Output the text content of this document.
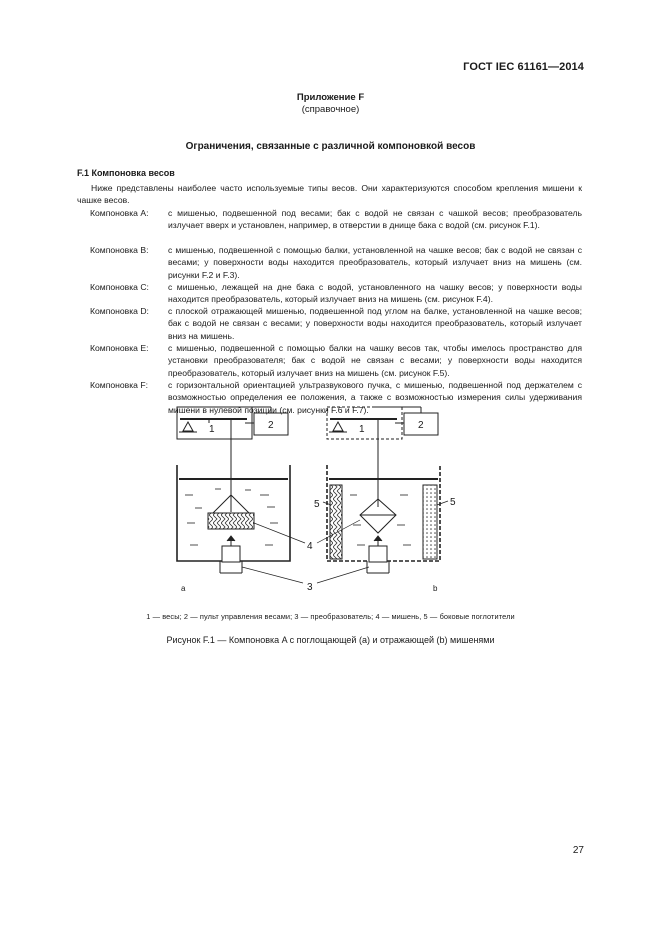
ГОСТ IEC 61161—2014
Приложение F
(справочное)
Ограничения, связанные с различной компоновкой весов
F.1 Компоновка весов
Ниже представлены наиболее часто используемые типы весов. Они характеризуются способом крепления мишени к чашке весов.
Компоновка A: с мишенью, подвешенной под весами; бак с водой не связан с чашкой весов; преобразователь излучает вверх и установлен, например, в отверстии в днище бака с водой (см. рисунок F.1).
Компоновка B: с мишенью, подвешенной с помощью балки, установленной на чашке весов; бак с водой не связан с весами; у поверхности воды находится преобразователь, который излучает вниз на мишень (см. рисунки F.2 и F.3).
Компоновка C: с мишенью, лежащей на дне бака с водой, установленного на чашку весов; у поверхности воды находится преобразователь, который излучает вниз на мишень (см. рисунок F.4).
Компоновка D: с плоской отражающей мишенью, подвешенной под углом на балке, установленной на чашке весов; бак с водой не связан с весами; у поверхности воды находится преобразователь, который излучает вниз на мишень.
Компоновка E: с мишенью, подвешенной с помощью балки на чашку весов так, чтобы имелось пространство для установки преобразователя; бак с водой не связан с весами; у поверхности воды находится преобразователь, который излучает вниз на мишень (см. рисунок F.5).
Компоновка F: с горизонтальной ориентацией ультразвукового пучка, с мишенью, подвешенной под держателем с возможностью определения ее положения, а также с возможностью измерения силы удерживания мишени в нулевой позиции (см. рисунки F.6 и F.7).
1	2	1	2
4
3
5	5
a	b
1 — весы; 2 — пульт управления весами; 3 — преобразователь; 4 — мишень, 5 — боковые поглотители
Рисунок F.1 — Компоновка A с поглощающей (a) и отражающей (b) мишенями
27
